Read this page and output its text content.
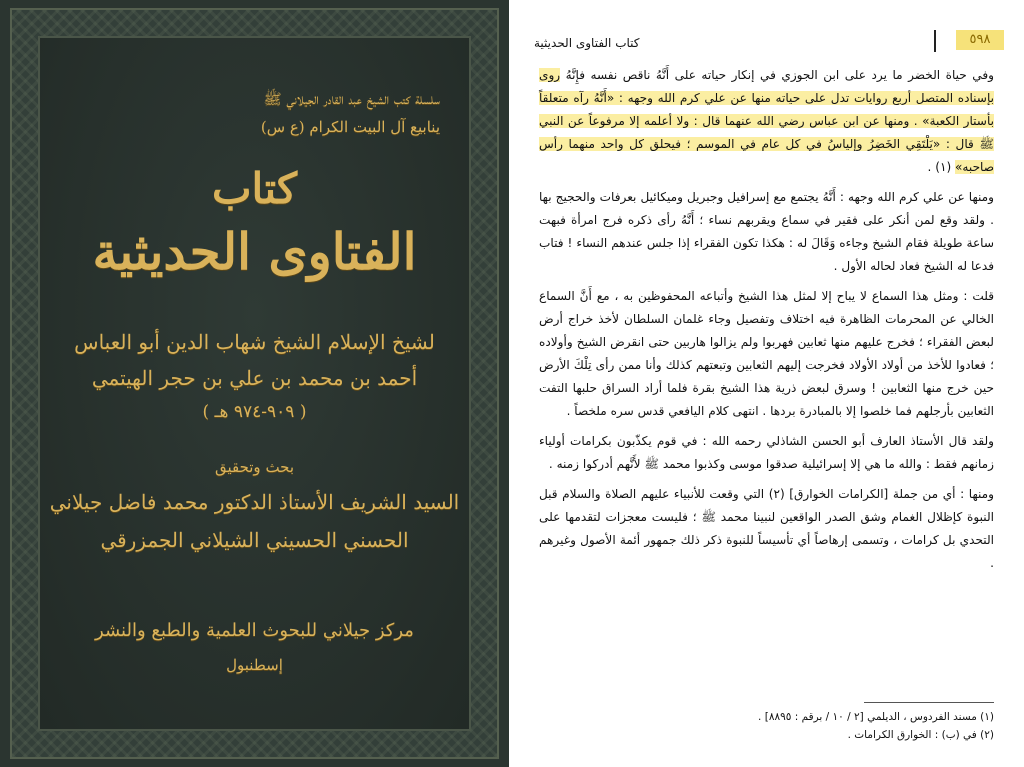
سلسلة كتب الشيخ عبد القادر الجيلاني ﷺ
ينابيع آل البيت الكرام (ع س)
كتاب
الفتاوى الحديثية
لشيخ الإسلام الشيخ شهاب الدين أبو العباس
أحمد بن محمد بن علي بن حجر الهيتمي
( ٩٠٩-٩٧٤ هـ )
بحث وتحقيق
السيد الشريف الأستاذ الدكتور محمد فاضل جيلاني
الحسني الحسيني الشيلاني الجمزرقي
مركز جيلاني للبحوث العلمية والطبع والنشر
إسطنبول
٥٩٨
كتاب الفتاوى الحديثية

وفي حياة الخضر ما يرد على ابن الجوزي في إنكار حياته على أَنَّهُ ناقص نفسه فإِنَّهُ روى بإسناده المتصل أربع روايات تدل على حياته منها عن علي كرم الله وجهه : «أَنَّهُ رآه متعلقاً بأستار الكعبة» . ومنها عن ابن عباس رضي الله عنهما قال : ولا أعلمه إلا مرفوعاً عن النبي ﷺ قال : «يَلْتَقِي الخَضِرُ وإلياسُ في كل عام في الموسم ؛ فيحلق كل واحد منهما رأس صاحبه» (١) .

ومنها عن علي كرم الله وجهه : أَنَّهُ يجتمع مع إسرافيل وجبريل وميكائيل بعرفات والحجيج بها . ولقد وقع لمن أنكر على فقير في سماع ويقربهم نساء ؛ أَنَّهُ رأى ذكره فرج امرأة فبهت ساعة طويلة فقام الشيخ وجاءه وَقَالَ له : هكذا تكون الفقراء إذا جلس عندهم النساء ! فتاب فدعا له الشيخ فعاد لحاله الأول .

قلت : ومثل هذا السماع لا يباح إلا لمثل هذا الشيخ وأتباعه المحفوظين به ، مع أَنَّ السماع الخالي عن المحرمات الظاهرة فيه اختلاف وتفصيل وجاء غلمان السلطان لأخذ خراج أرض لبعض الفقراء ؛ فخرج عليهم منها ثعابين فهربوا ولم يزالوا هاربين حتى انقرض الشيخ وأولاده ؛ فعادوا للأخذ من أولاد الأولاد فخرجت إليهم الثعابين وتبعتهم كذلك وأنا ممن رأى تِلْكَ الأرض حين خرج منها الثعابين ! وسرق لبعض ذرية هذا الشيخ بقرة فلما أراد السراق حلبها التفت الثعابين بأرجلهم فما خلصوا إلا بالمبادرة بردها . انتهى كلام اليافعي قدس سره ملخصاً .

ولقد قال الأستاذ العارف أبو الحسن الشاذلي رحمه الله : في قوم يكذّبون بكرامات أولياء زمانهم فقط : والله ما هي إلا إسرائيلية صدقوا موسى وكذبوا محمد ﷺ لأَنَّهم أدركوا زمنه .

ومنها : أي من جملة [الكرامات الخوارق] (٢) التي وقعت للأنبياء عليهم الصلاة والسلام قبل النبوة كإظلال الغمام وشق الصدر الواقعين لنبينا محمد ﷺ ؛ فليست معجزات لتقدمها على التحدي بل كرامات ، وتسمى إرهاصاً أي تأسيساً للنبوة ذكر ذلك جمهور أئمة الأصول وغيرهم .

(١) مسند الفردوس ، الديلمي [٢ / ١٠ / برقم : ٨٨٩٥] .
(٢) في (ب) : الخوارق الكرامات .
